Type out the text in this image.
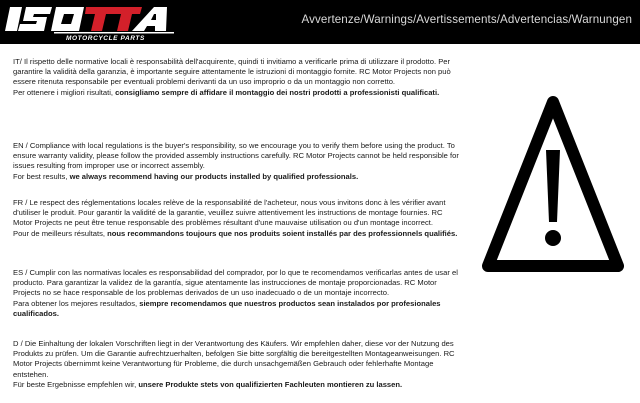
MOTORCYCLE PARTS
Avvertenze/Warnings/Avertissements/Advertencias/Warnungen

IT/ Il rispetto delle normative locali è responsabilità dell'acquirente, quindi ti invitiamo a verificarle prima di utilizzare il prodotto. Per garantire la validità della garanzia, è importante seguire attentamente le istruzioni di montaggio fornite. RC Motor Projects non può essere ritenuta responsabile per eventuali problemi derivanti da un uso improprio o da un montaggio non corretto.
Per ottenere i migliori risultati, consigliamo sempre di affidare il montaggio dei nostri prodotti a professionisti qualificati.

EN / Compliance with local regulations is the buyer's responsibility, so we encourage you to verify them before using the product. To ensure warranty validity, please follow the provided assembly instructions carefully. RC Motor Projects cannot be held responsible for issues resulting from improper use or incorrect assembly.
For best results, we always recommend having our products installed by qualified professionals.

FR / Le respect des réglementations locales relève de la responsabilité de l'acheteur, nous vous invitons donc à les vérifier avant d'utiliser le produit. Pour garantir la validité de la garantie, veuillez suivre attentivement les instructions de montage fournies. RC Motor Projects ne peut être tenue responsable des problèmes résultant d'une mauvaise utilisation ou d'un montage incorrect.
Pour de meilleurs résultats, nous recommandons toujours que nos produits soient installés par des professionnels qualifiés.

ES / Cumplir con las normativas locales es responsabilidad del comprador, por lo que te recomendamos verificarlas antes de usar el producto. Para garantizar la validez de la garantía, sigue atentamente las instrucciones de montaje proporcionadas. RC Motor Projects no se hace responsable de los problemas derivados de un uso inadecuado o de un montaje incorrecto.
Para obtener los mejores resultados, siempre recomendamos que nuestros productos sean instalados por profesionales cualificados.

D / Die Einhaltung der lokalen Vorschriften liegt in der Verantwortung des Käufers. Wir empfehlen daher, diese vor der Nutzung des Produkts zu prüfen. Um die Garantie aufrechtzuerhalten, befolgen Sie bitte sorgfältig die bereitgestellten Montageanweisungen. RC Motor Projects übernimmt keine Verantwortung für Probleme, die durch unsachgemäßen Gebrauch oder fehlerhafte Montage entstehen.
Für beste Ergebnisse empfehlen wir, unsere Produkte stets von qualifizierten Fachleuten montieren zu lassen.
